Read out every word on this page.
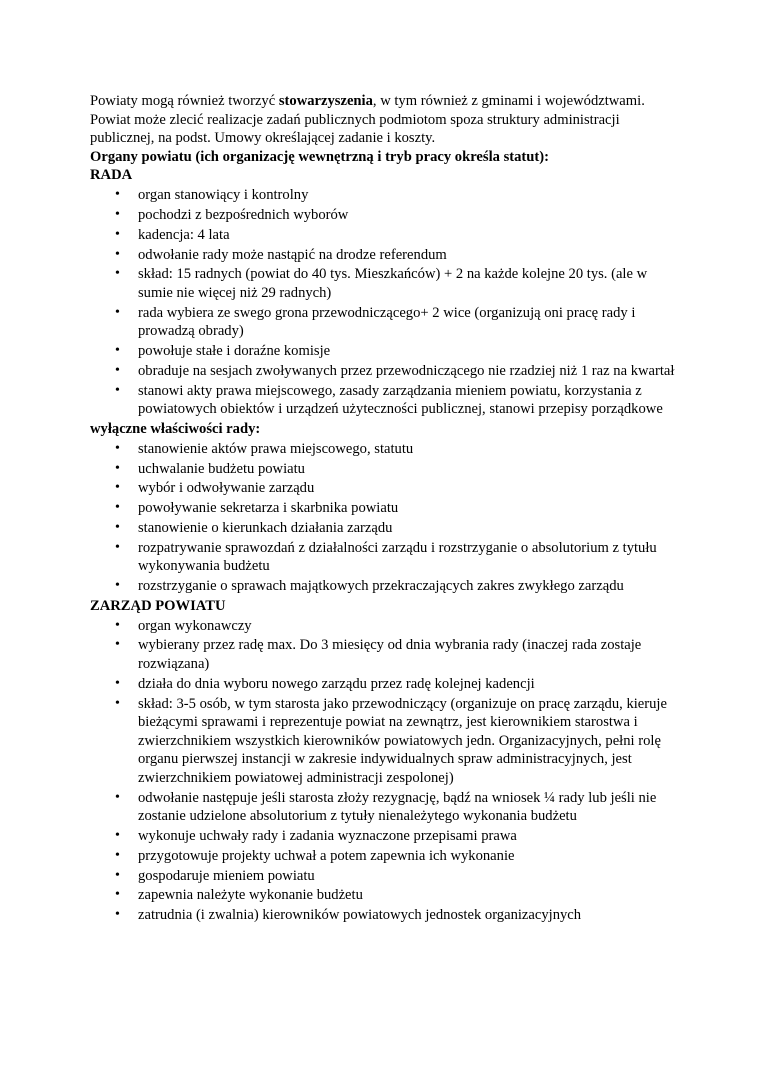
Powiaty mogą również tworzyć stowarzyszenia, w tym również z gminami i województwami.

Powiat może zlecić realizacje zadań publicznych podmiotom spoza struktury administracji publicznej, na podst. Umowy określającej zadanie i koszty.

Organy powiatu (ich organizację wewnętrzną i tryb pracy określa statut):

RADA

• organ stanowiący i kontrolny
• pochodzi z bezpośrednich wyborów
• kadencja: 4 lata
• odwołanie rady może nastąpić na drodze referendum
• skład: 15 radnych (powiat do 40 tys. Mieszkańców) + 2 na każde kolejne 20 tys. (ale w sumie nie więcej niż 29 radnych)
• rada wybiera ze swego grona przewodniczącego+ 2 wice (organizują oni pracę rady i prowadzą obrady)
• powołuje stałe i doraźne komisje
• obraduje na sesjach zwoływanych przez przewodniczącego nie rzadziej niż 1 raz na kwartał
• stanowi akty prawa miejscowego, zasady zarządzania mieniem powiatu, korzystania z powiatowych obiektów i urządzeń użyteczności publicznej, stanowi przepisy porządkowe

wyłączne właściwości rady:

• stanowienie aktów prawa miejscowego, statutu
• uchwalanie budżetu powiatu
• wybór i odwoływanie zarządu
• powoływanie sekretarza i skarbnika powiatu
• stanowienie o kierunkach działania zarządu
• rozpatrywanie sprawozdań z działalności zarządu i rozstrzyganie o absolutorium z tytułu wykonywania budżetu
• rozstrzyganie o sprawach majątkowych przekraczających zakres zwykłego zarządu

ZARZĄD POWIATU

• organ wykonawczy
• wybierany przez radę max. Do 3 miesięcy od dnia wybrania rady (inaczej rada zostaje rozwiązana)
• działa do dnia wyboru nowego zarządu przez radę kolejnej kadencji
• skład: 3-5 osób, w tym starosta jako przewodniczący (organizuje on pracę zarządu, kieruje bieżącymi sprawami i reprezentuje powiat na zewnątrz, jest kierownikiem starostwa i zwierzchnikiem wszystkich kierowników powiatowych jedn. Organizacyjnych, pełni rolę organu pierwszej instancji w zakresie indywidualnych spraw administracyjnych, jest zwierzchnikiem powiatowej administracji zespolonej)
• odwołanie następuje jeśli starosta złoży rezygnację, bądź na wniosek ¼ rady lub jeśli nie zostanie udzielone absolutorium z tytuły nienależytego wykonania budżetu
• wykonuje uchwały rady i zadania wyznaczone przepisami prawa
• przygotowuje projekty uchwał a potem zapewnia ich wykonanie
• gospodaruje mieniem powiatu
• zapewnia należyte wykonanie budżetu
• zatrudnia (i zwalnia) kierowników powiatowych jednostek organizacyjnych
